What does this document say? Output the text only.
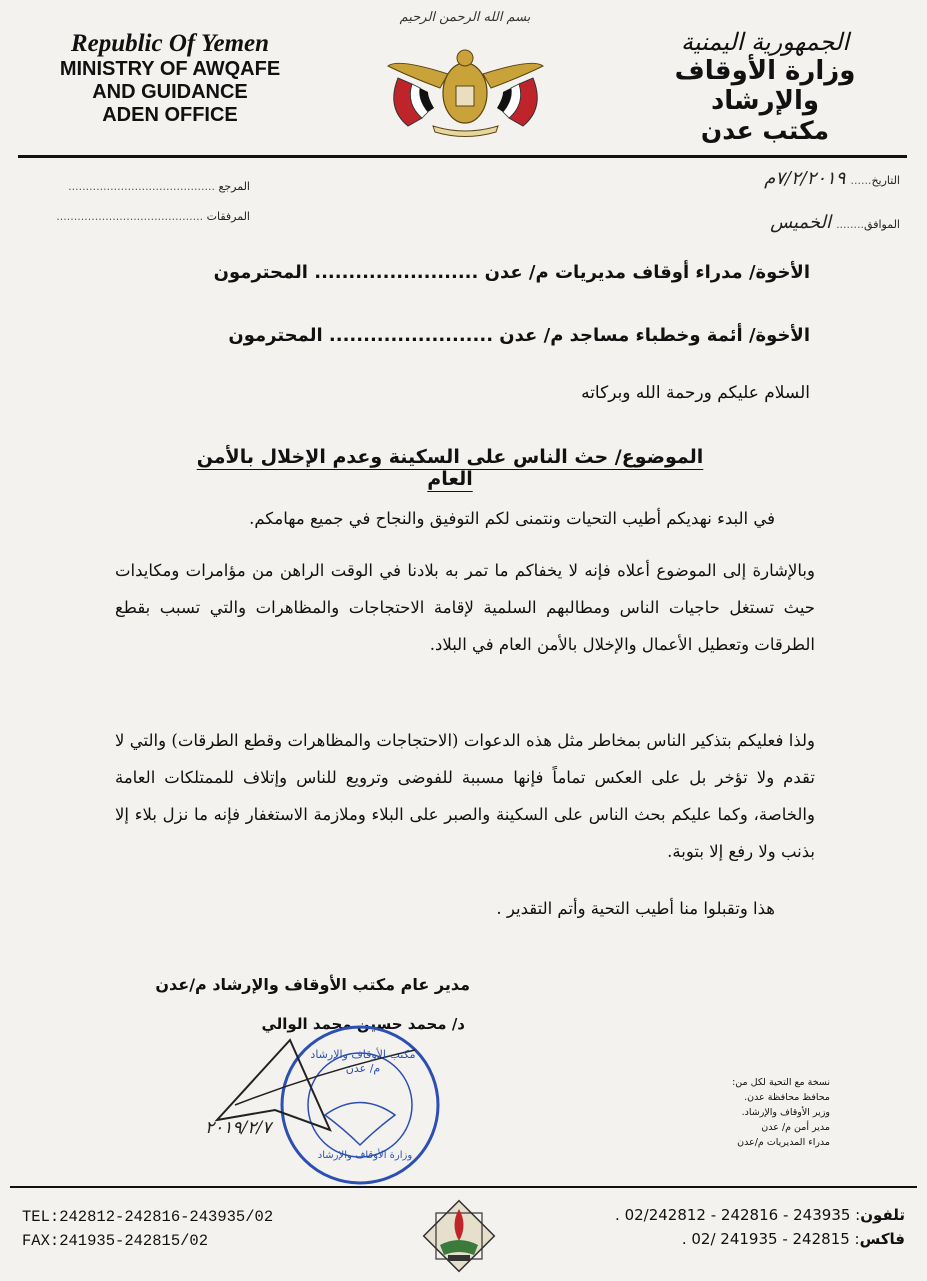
Republic Of Yemen
MINISTRY OF AWQAFE
AND GUIDANCE
ADEN OFFICE
بسم الله الرحمن الرحيم
الجمهورية اليمنية
وزارة الأوقاف والإرشاد
مكتب عدن
المرجع ..........................................
المرفقات ..........................................
التاريخ...... ٧/٢/٢٠١٩م
الموافق........ الخميس
الأخوة/ مدراء أوقاف مديريات م/ عدن ........................ المحترمون
الأخوة/ أئمة وخطباء مساجد م/ عدن ........................ المحترمون
السلام عليكم ورحمة الله وبركاته
الموضوع/ حث الناس على السكينة وعدم الإخلال بالأمن العام
في البدء نهديكم أطيب التحيات ونتمنى لكم التوفيق والنجاح في جميع مهامكم.
وبالإشارة إلى الموضوع أعلاه فإنه لا يخفاكم ما تمر به بلادنا في الوقت الراهن من مؤامرات ومكايدات حيث تستغل حاجيات الناس ومطالبهم السلمية لإقامة الاحتجاجات والمظاهرات والتي تسبب بقطع الطرقات وتعطيل الأعمال والإخلال بالأمن العام في البلاد.
ولذا فعليكم بتذكير الناس بمخاطر مثل هذه الدعوات (الاحتجاجات والمظاهرات وقطع الطرقات) والتي لا تقدم ولا تؤخر بل على العكس تماماً فإنها مسببة للفوضى وترويع للناس وإتلاف للممتلكات العامة والخاصة، وكما عليكم بحث الناس على السكينة والصبر على البلاء وملازمة الاستغفار فإنه ما نزل بلاء إلا بذنب ولا رفع إلا بتوبة.
هذا وتقبلوا منا أطيب التحية وأتم التقدير .
مدير عام مكتب الأوقاف والإرشاد م/عدن
د/ محمد حسين محمد الوالي
مكتب الأوقاف والإرشاد
م/ عدن
وزارة الأوقاف والإرشاد
٢٠١٩/٢/٧
نسخة مع التحية لكل من:
محافظ محافظة عدن.
وزير الأوقاف والإرشاد.
مدير أمن م/ عدن
مدراء المديريات م/عدن
TEL:242812-242816-243935/02
FAX:241935-242815/02
تلفون: 243935 - 242816 - 02/242812 .
فاكس: 242815 - 241935 /02 .
